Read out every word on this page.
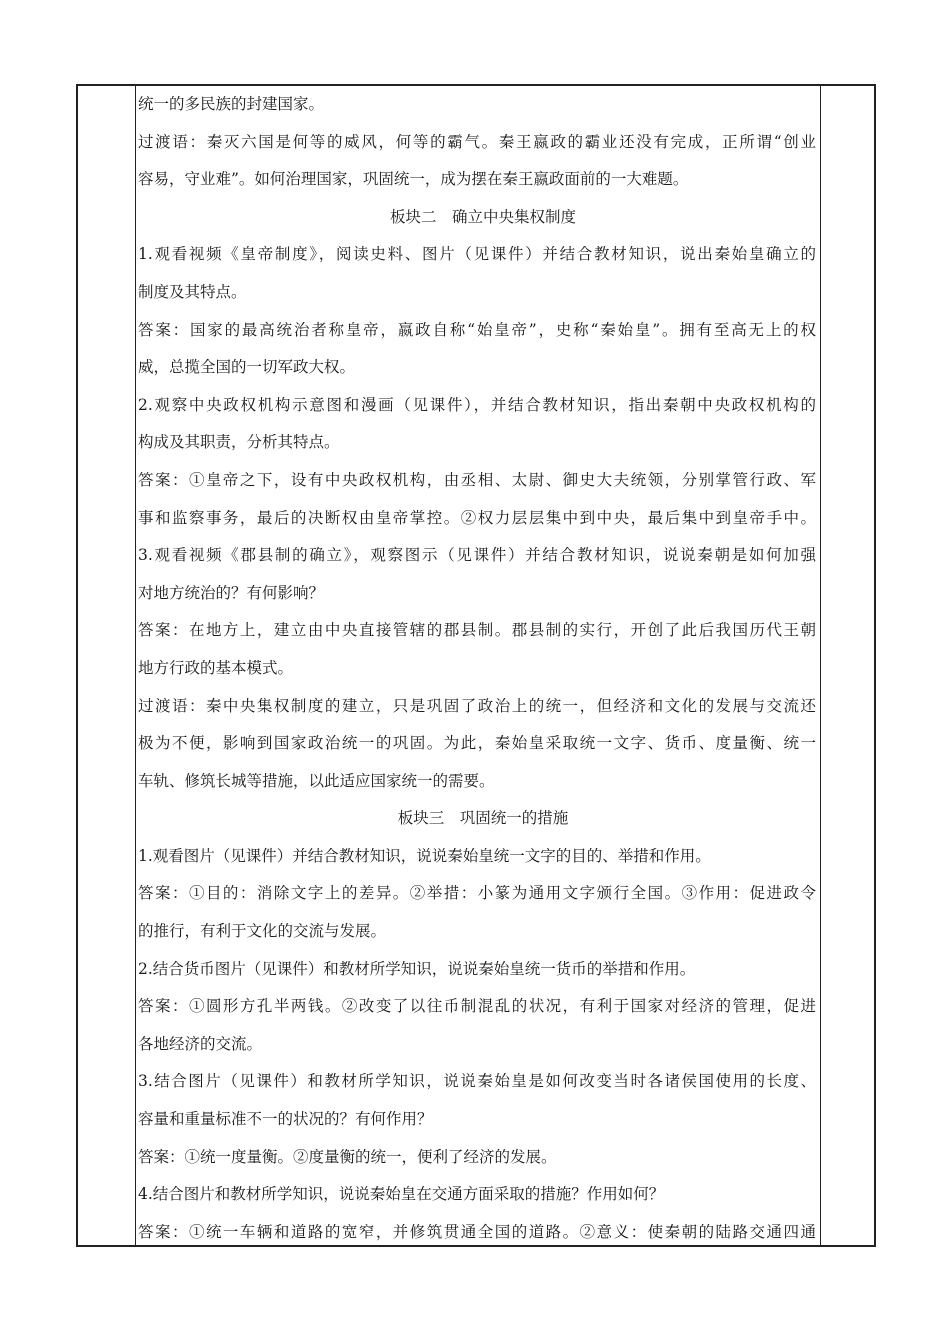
统一的多民族的封建国家。
过渡语：秦灭六国是何等的威风，何等的霸气。秦王嬴政的霸业还没有完成，正所谓“创业
容易，守业难”。如何治理国家，巩固统一，成为摆在秦王嬴政面前的一大难题。
板块二　确立中央集权制度
1.观看视频《皇帝制度》，阅读史料、图片（见课件）并结合教材知识，说出秦始皇确立的
制度及其特点。
答案：国家的最高统治者称皇帝，嬴政自称“始皇帝”，史称“秦始皇”。拥有至高无上的权
威，总揽全国的一切军政大权。
2.观察中央政权机构示意图和漫画（见课件），并结合教材知识，指出秦朝中央政权机构的
构成及其职责，分析其特点。
答案：①皇帝之下，设有中央政权机构，由丞相、太尉、御史大夫统领，分别掌管行政、军
事和监察事务，最后的决断权由皇帝掌控。②权力层层集中到中央，最后集中到皇帝手中。
3.观看视频《郡县制的确立》，观察图示（见课件）并结合教材知识，说说秦朝是如何加强
对地方统治的？有何影响？
答案：在地方上，建立由中央直接管辖的郡县制。郡县制的实行，开创了此后我国历代王朝
地方行政的基本模式。
过渡语：秦中央集权制度的建立，只是巩固了政治上的统一，但经济和文化的发展与交流还
极为不便，影响到国家政治统一的巩固。为此，秦始皇采取统一文字、货币、度量衡、统一
车轨、修筑长城等措施，以此适应国家统一的需要。
板块三　巩固统一的措施
1.观看图片（见课件）并结合教材知识，说说秦始皇统一文字的目的、举措和作用。
答案：①目的：消除文字上的差异。②举措：小篆为通用文字颁行全国。③作用：促进政令
的推行，有利于文化的交流与发展。
2.结合货币图片（见课件）和教材所学知识，说说秦始皇统一货币的举措和作用。
答案：①圆形方孔半两钱。②改变了以往币制混乱的状况，有利于国家对经济的管理，促进
各地经济的交流。
3.结合图片（见课件）和教材所学知识，说说秦始皇是如何改变当时各诸侯国使用的长度、
容量和重量标准不一的状况的？有何作用？
答案：①统一度量衡。②度量衡的统一，便利了经济的发展。
4.结合图片和教材所学知识，说说秦始皇在交通方面采取的措施？作用如何？
答案：①统一车辆和道路的宽窄，并修筑贯通全国的道路。②意义：使秦朝的陆路交通四通
